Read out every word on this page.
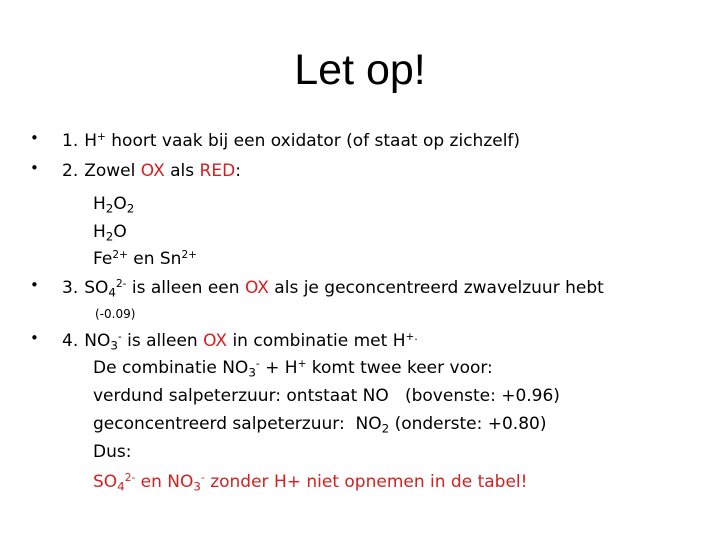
Let op!
• 1. H+ hoort vaak bij een oxidator (of staat op zichzelf)
• 2. Zowel OX als RED:
$H_2O_2$
$H_2O$
$Fe^{2+}$ en $Sn^{2+}$
• 3. $SO_4^{2-}$ is alleen een OX als je geconcentreerd zwavelzuur hebt
(-0.09)
• 4. $NO_3^-$ is alleen OX in combinatie met H+.
De combinatie $NO_3^- + H^+$ komt twee keer voor:
verdund salpeterzuur: ontstaat NO   (bovenste: +0.96)
geconcentreerd salpeterzuur:  $NO_2$ (onderste: +0.80)
Dus:
$SO_4^{2-}$ en $NO_3^-$ zonder H+ niet opnemen in de tabel!
